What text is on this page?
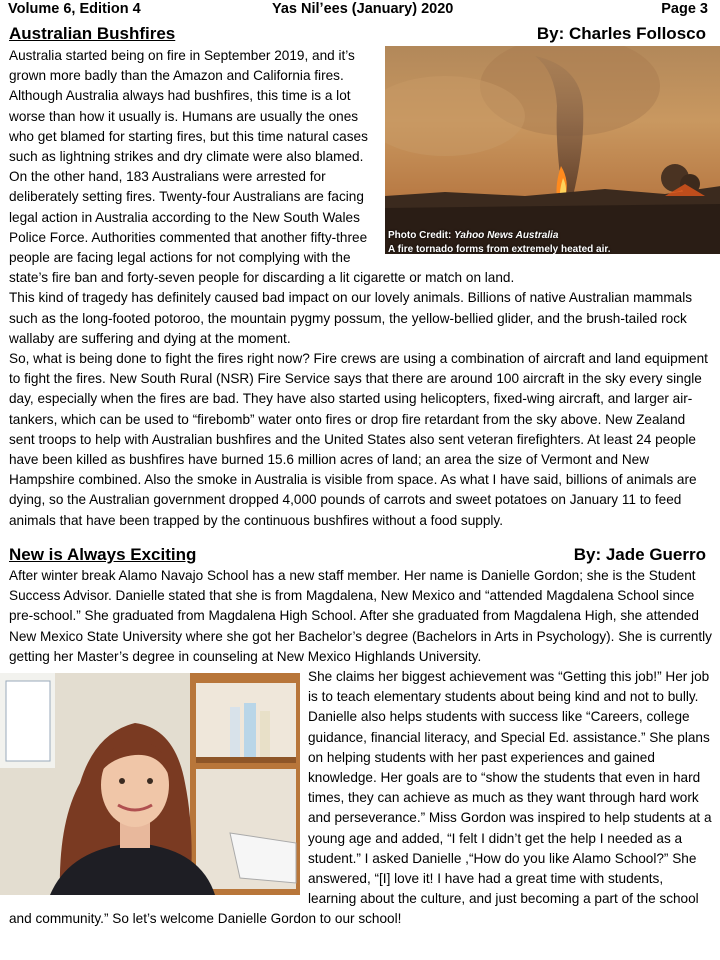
Volume 6, Edition 4	Yas Nilʼees (January) 2020	Page 3
Australian Bushfires	By: Charles Follosco
Photo Credit: Yahoo News Australia
A fire tornado forms from extremely heated air.

Australia started being on fire in September 2019, and it’s grown more badly than the Amazon and California fires. Although Australia always had bushfires, this time is a lot worse than how it usually is. Humans are usually the ones who get blamed for starting fires, but this time natural cases such as lightning strikes and dry climate were also blamed. On the other hand, 183 Australians were arrested for deliberately setting fires. Twenty-four Australians are facing legal action in Australia according to the New South Wales Police Force. Authorities commented that another fifty-three people are facing legal actions for not complying with the state’s fire ban and forty-seven people for discarding a lit cigarette or match on land.

This kind of tragedy has definitely caused bad impact on our lovely animals. Billions of native Australian mammals such as the long-footed potoroo, the mountain pygmy possum, the yellow-bellied glider, and the brush-tailed rock wallaby are suffering and dying at the moment.

So, what is being done to fight the fires right now? Fire crews are using a combination of aircraft and land equipment to fight the fires. New South Rural (NSR) Fire Service says that there are around 100 aircraft in the sky every single day, especially when the fires are bad. They have also started using helicopters, fixed-wing aircraft, and larger air-tankers, which can be used to “firebomb” water onto fires or drop fire retardant from the sky above. New Zealand sent troops to help with Australian bushfires and the United States also sent veteran firefighters. At least 24 people have been killed as bushfires have burned 15.6 million acres of land; an area the size of Vermont and New Hampshire combined. Also the smoke in Australia is visible from space. As what I have said, billions of animals are dying, so the Australian government dropped 4,000 pounds of carrots and sweet potatoes on January 11 to feed animals that have been trapped by the continuous bushfires without a food supply.

New is Always Exciting	By: Jade Guerro

After winter break Alamo Navajo School has a new staff member. Her name is Danielle Gordon; she is the Student Success Advisor. Danielle stated that she is from Magdalena, New Mexico and “attended Magdalena School since pre-school.” She graduated from Magdalena High School. After she graduated from Magdalena High, she attended New Mexico State University where she got her Bachelor’s degree (Bachelors in Arts in Psychology). She is currently getting her Master’s degree in counseling at New Mexico Highlands University.

She claims her biggest achievement was “Getting this job!” Her job is to teach elementary students about being kind and not to bully. Danielle also helps students with success like “Careers, college guidance, financial literacy, and Special Ed. assistance.” She plans on helping students with her past experiences and gained knowledge. Her goals are to “show the students that even in hard times, they can achieve as much as they want through hard work and perseverance.” Miss Gordon was inspired to help students at a young age and added, “I felt I didn’t get the help I needed as a student.” I asked Danielle ,“How do you like Alamo School?” She answered, “[I] love it! I have had a great time with students, learning about the culture, and just becoming a part of the school and community.” So let’s welcome Danielle Gordon to our school!
